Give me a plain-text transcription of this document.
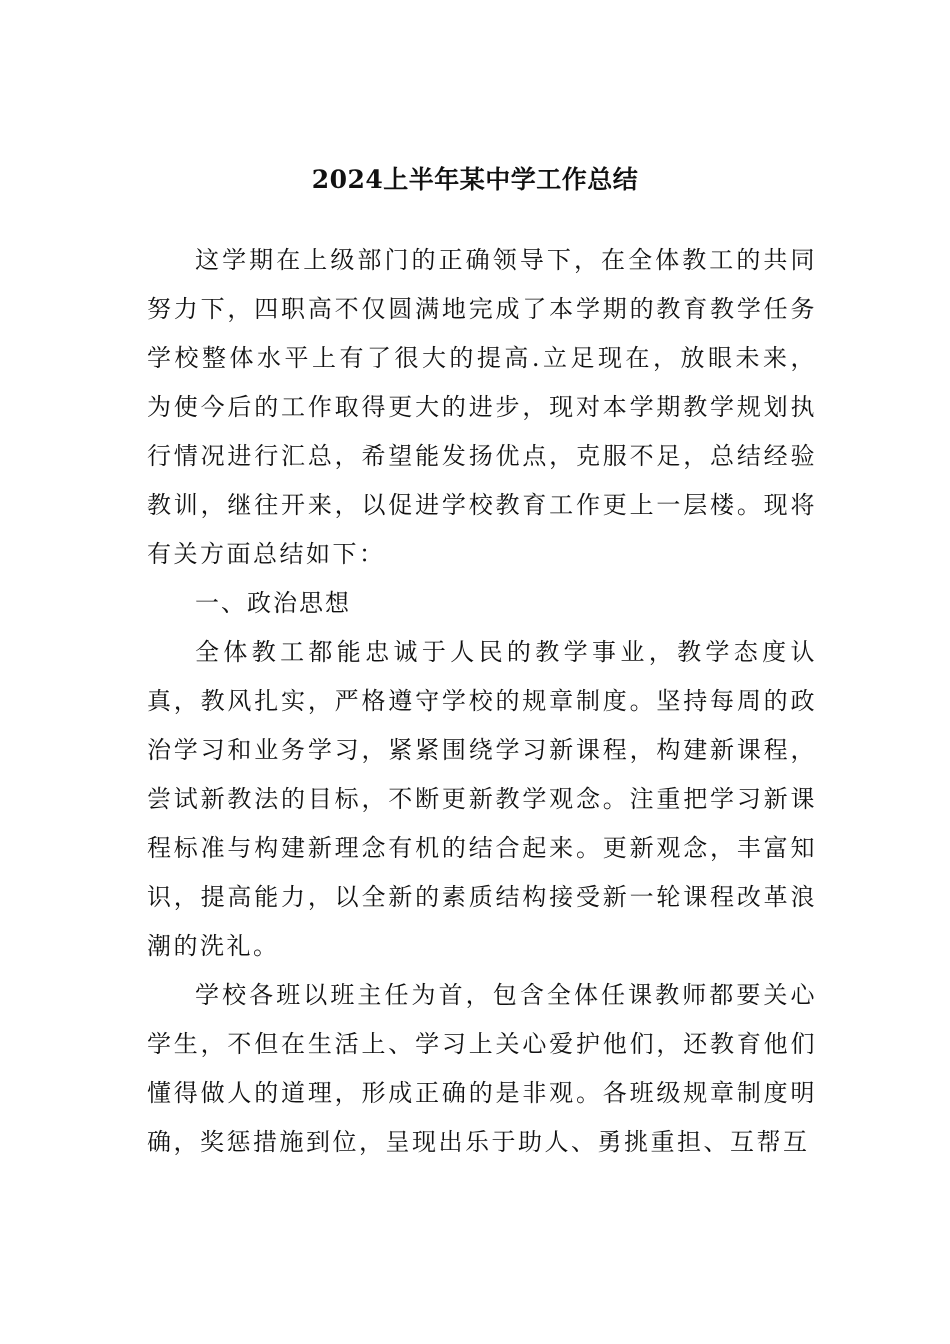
2024上半年某中学工作总结

这学期在上级部门的正确领导下，在全体教工的共同努力下，四职高不仅圆满地完成了本学期的教育教学任务学校整体水平上有了很大的提高.立足现在，放眼未来，为使今后的工作取得更大的进步，现对本学期教学规划执行情况进行汇总，希望能发扬优点，克服不足，总结经验教训，继往开来，以促进学校教育工作更上一层楼。现将有关方面总结如下：

一、政治思想

全体教工都能忠诚于人民的教学事业，教学态度认真，教风扎实，严格遵守学校的规章制度。坚持每周的政治学习和业务学习，紧紧围绕学习新课程，构建新课程，尝试新教法的目标，不断更新教学观念。注重把学习新课程标准与构建新理念有机的结合起来。更新观念，丰富知识，提高能力，以全新的素质结构接受新一轮课程改革浪潮的洗礼。

学校各班以班主任为首，包含全体任课教师都要关心学生，不但在生活上、学习上关心爱护他们，还教育他们懂得做人的道理，形成正确的是非观。各班级规章制度明确，奖惩措施到位，呈现出乐于助人、勇挑重担、互帮互
